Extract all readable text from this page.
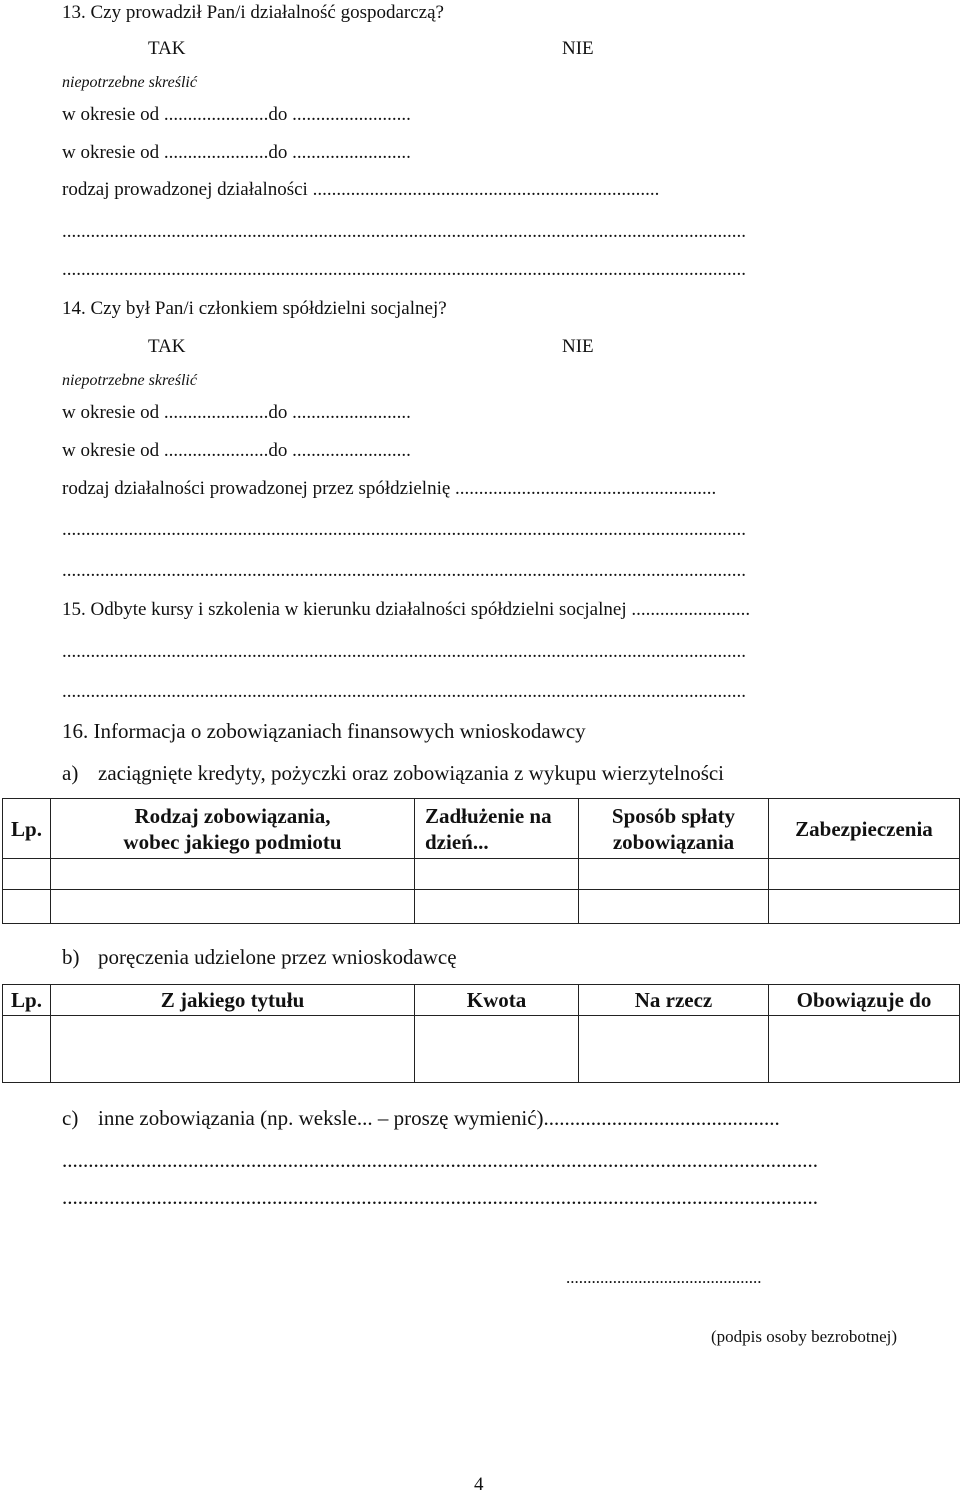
13. Czy prowadził Pan/i działalność gospodarczą?
TAK	NIE
niepotrzebne skreślić
w okresie od ......................do .........................
w okresie od ......................do .........................
rodzaj prowadzonej działalności .........................................................................
................................................................................................................................................
................................................................................................................................................
14. Czy był Pan/i członkiem spółdzielni socjalnej?
TAK	NIE
niepotrzebne skreślić
w okresie od ......................do .........................
w okresie od ......................do .........................
rodzaj działalności prowadzonej przez spółdzielnię .......................................................
................................................................................................................................................
................................................................................................................................................
15. Odbyte kursy i szkolenia w kierunku działalności spółdzielni socjalnej .........................
................................................................................................................................................
................................................................................................................................................
16. Informacja o zobowiązaniach finansowych wnioskodawcy
a) zaciągnięte kredyty, pożyczki oraz zobowiązania z wykupu wierzytelności
Lp.	Rodzaj zobowiązania, wobec jakiego podmiotu	Zadłużenie na dzień...	Sposób spłaty zobowiązania	Zabezpieczenia

b) poręczenia udzielone przez wnioskodawcę
Lp.	Z jakiego tytułu	Kwota	Na rzecz	Obowiązuje do

c) inne zobowiązania (np. weksle... – proszę wymienić).............................................
................................................................................................................................................
................................................................................................................................................
..............................................
(podpis osoby bezrobotnej)
4
